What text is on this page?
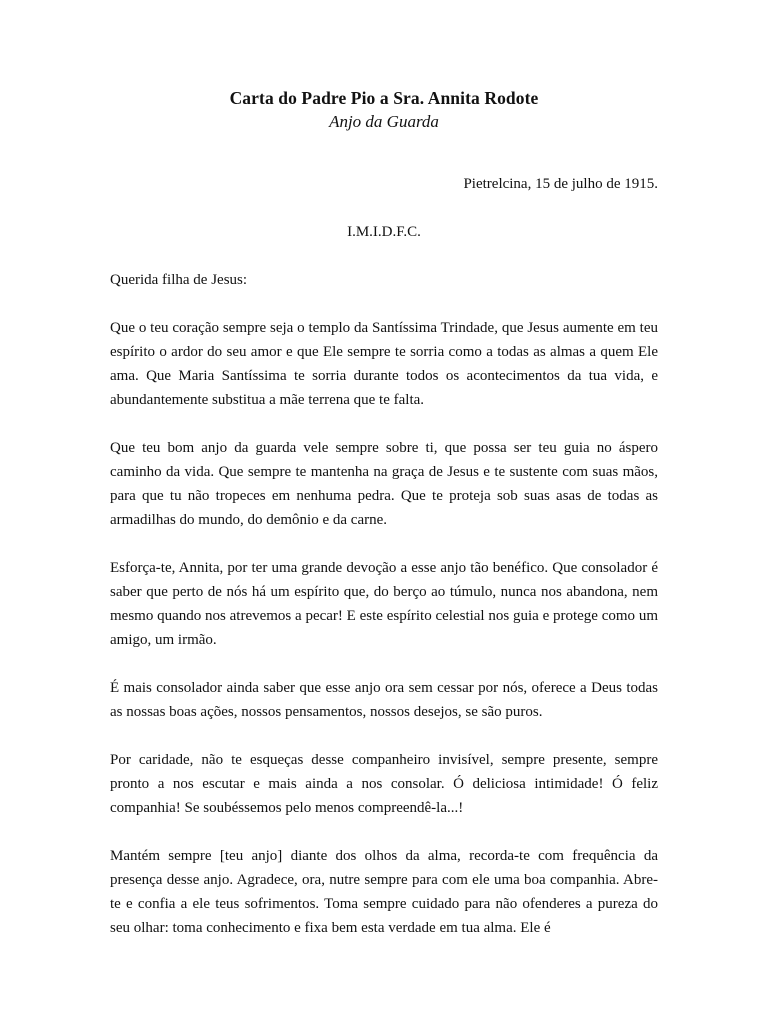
Carta do Padre Pio a Sra. Annita Rodote

Anjo da Guarda

Pietrelcina, 15 de julho de 1915.

I.M.I.D.F.C.

Querida filha de Jesus:

Que o teu coração sempre seja o templo da Santíssima Trindade, que Jesus aumente em teu espírito o ardor do seu amor e que Ele sempre te sorria como a todas as almas a quem Ele ama. Que Maria Santíssima te sorria durante todos os acontecimentos da tua vida, e abundantemente substitua a mãe terrena que te falta.

Que teu bom anjo da guarda vele sempre sobre ti, que possa ser teu guia no áspero caminho da vida. Que sempre te mantenha na graça de Jesus e te sustente com suas mãos, para que tu não tropeces em nenhuma pedra. Que te proteja sob suas asas de todas as armadilhas do mundo, do demônio e da carne.

Esforça-te, Annita, por ter uma grande devoção a esse anjo tão benéfico. Que consolador é saber que perto de nós há um espírito que, do berço ao túmulo, nunca nos abandona, nem mesmo quando nos atrevemos a pecar! E este espírito celestial nos guia e protege como um amigo, um irmão.

É mais consolador ainda saber que esse anjo ora sem cessar por nós, oferece a Deus todas as nossas boas ações, nossos pensamentos, nossos desejos, se são puros.

Por caridade, não te esqueças desse companheiro invisível, sempre presente, sempre pronto a nos escutar e mais ainda a nos consolar. Ó deliciosa intimidade! Ó feliz companhia! Se soubéssemos pelo menos compreendê-la...!

Mantém sempre [teu anjo] diante dos olhos da alma, recorda-te com frequência da presença desse anjo. Agradece, ora, nutre sempre para com ele uma boa companhia. Abre-te e confia a ele teus sofrimentos. Toma sempre cuidado para não ofenderes a pureza do seu olhar: toma conhecimento e fixa bem esta verdade em tua alma. Ele é
